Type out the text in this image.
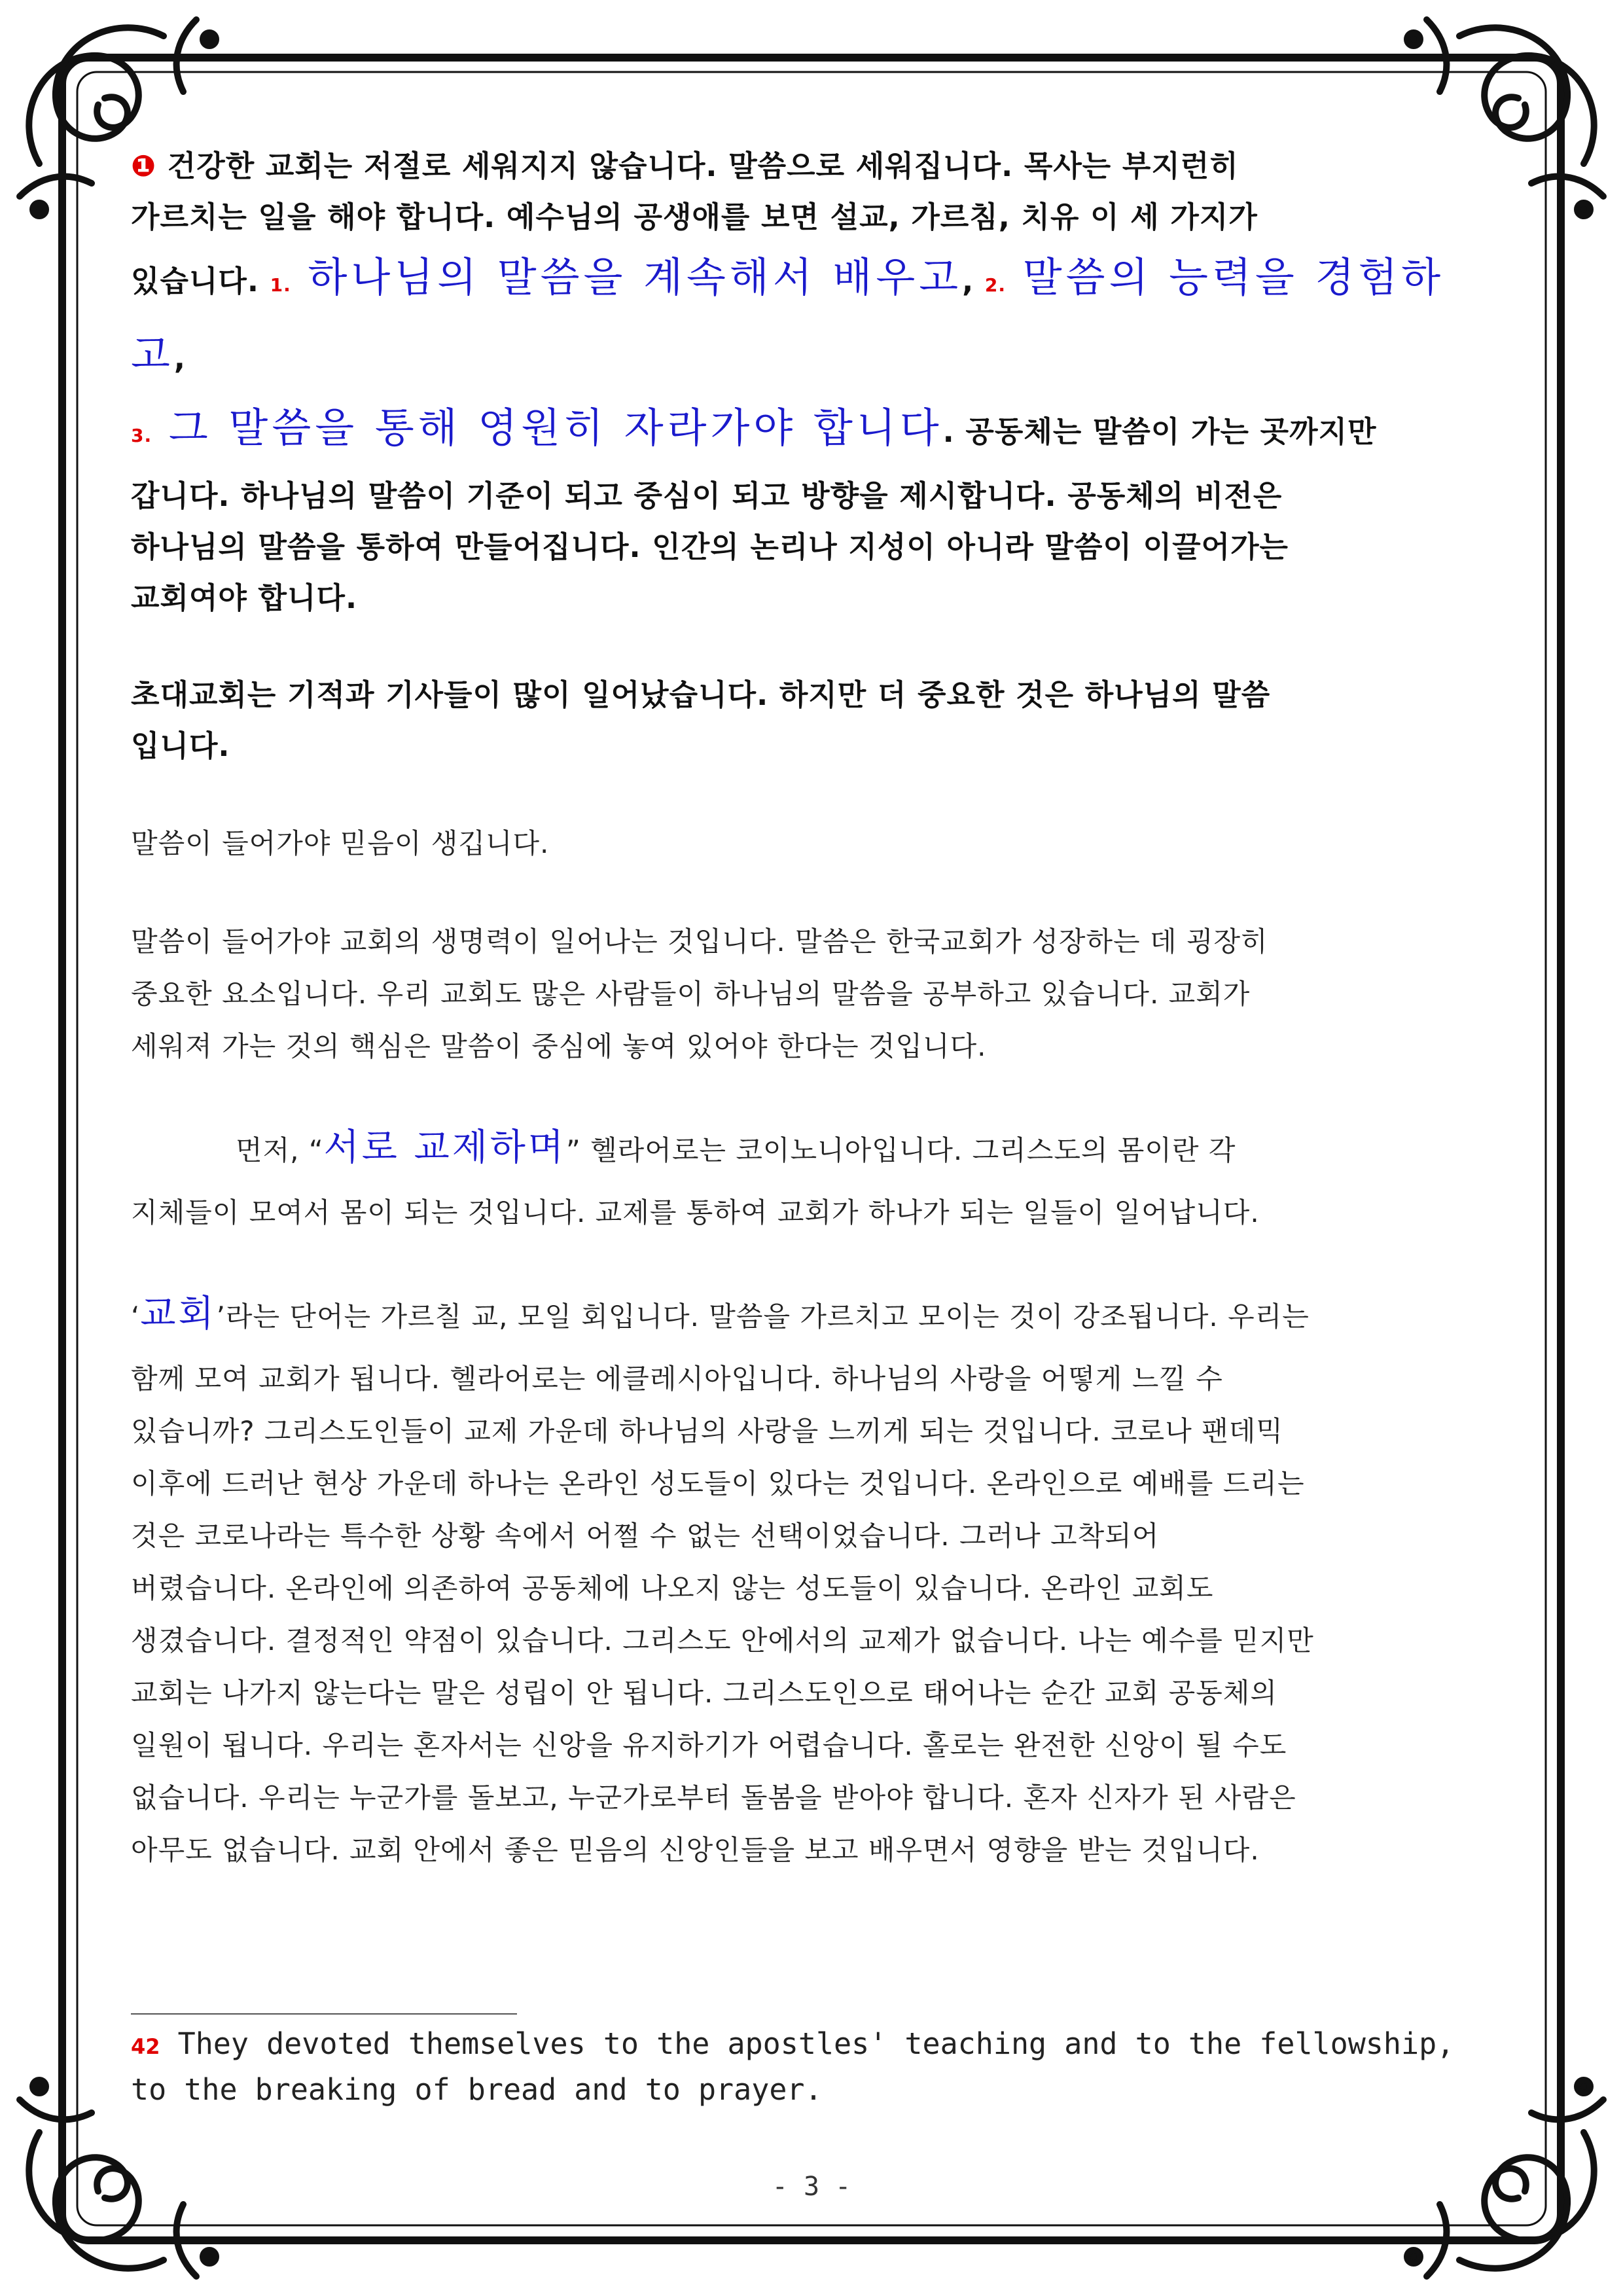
❶ 건강한 교회는 저절로 세워지지 않습니다. 말씀으로 세워집니다. 목사는 부지런히

가르치는 일을 해야 합니다. 예수님의 공생애를 보면 설교, 가르침, 치유 이 세 가지가

있습니다. 1. 하나님의 말씀을 계속해서 배우고, 2. 말씀의 능력을 경험하고,

3. 그 말씀을 통해 영원히 자라가야 합니다. 공동체는 말씀이 가는 곳까지만

갑니다. 하나님의 말씀이 기준이 되고 중심이 되고 방향을 제시합니다. 공동체의 비전은

하나님의 말씀을 통하여 만들어집니다. 인간의 논리나 지성이 아니라 말씀이 이끌어가는

교회여야 합니다.

초대교회는 기적과 기사들이 많이 일어났습니다. 하지만 더 중요한 것은 하나님의 말씀

입니다.

말씀이 들어가야 믿음이 생깁니다.

말씀이 들어가야 교회의 생명력이 일어나는 것입니다. 말씀은 한국교회가 성장하는 데 굉장히

중요한 요소입니다. 우리 교회도 많은 사람들이 하나님의 말씀을 공부하고 있습니다. 교회가

세워져 가는 것의 핵심은 말씀이 중심에 놓여 있어야 한다는 것입니다.

먼저, “서로 교제하며” 헬라어로는 코이노니아입니다. 그리스도의 몸이란 각

지체들이 모여서 몸이 되는 것입니다. 교제를 통하여 교회가 하나가 되는 일들이 일어납니다.

‘교회’라는 단어는 가르칠 교, 모일 회입니다. 말씀을 가르치고 모이는 것이 강조됩니다. 우리는

함께 모여 교회가 됩니다. 헬라어로는 에클레시아입니다. 하나님의 사랑을 어떻게 느낄 수

있습니까? 그리스도인들이 교제 가운데 하나님의 사랑을 느끼게 되는 것입니다. 코로나 팬데믹

이후에 드러난 현상 가운데 하나는 온라인 성도들이 있다는 것입니다. 온라인으로 예배를 드리는

것은 코로나라는 특수한 상황 속에서 어쩔 수 없는 선택이었습니다. 그러나 고착되어

버렸습니다. 온라인에 의존하여 공동체에 나오지 않는 성도들이 있습니다. 온라인 교회도

생겼습니다. 결정적인 약점이 있습니다. 그리스도 안에서의 교제가 없습니다. 나는 예수를 믿지만

교회는 나가지 않는다는 말은 성립이 안 됩니다. 그리스도인으로 태어나는 순간 교회 공동체의

일원이 됩니다. 우리는 혼자서는 신앙을 유지하기가 어렵습니다. 홀로는 완전한 신앙이 될 수도

없습니다. 우리는 누군가를 돌보고, 누군가로부터 돌봄을 받아야 합니다. 혼자 신자가 된 사람은

아무도 없습니다. 교회 안에서 좋은 믿음의 신앙인들을 보고 배우면서 영향을 받는 것입니다.

42 They devoted themselves to the apostles' teaching and to the fellowship,
to the breaking of bread and to prayer.
- 3 -
